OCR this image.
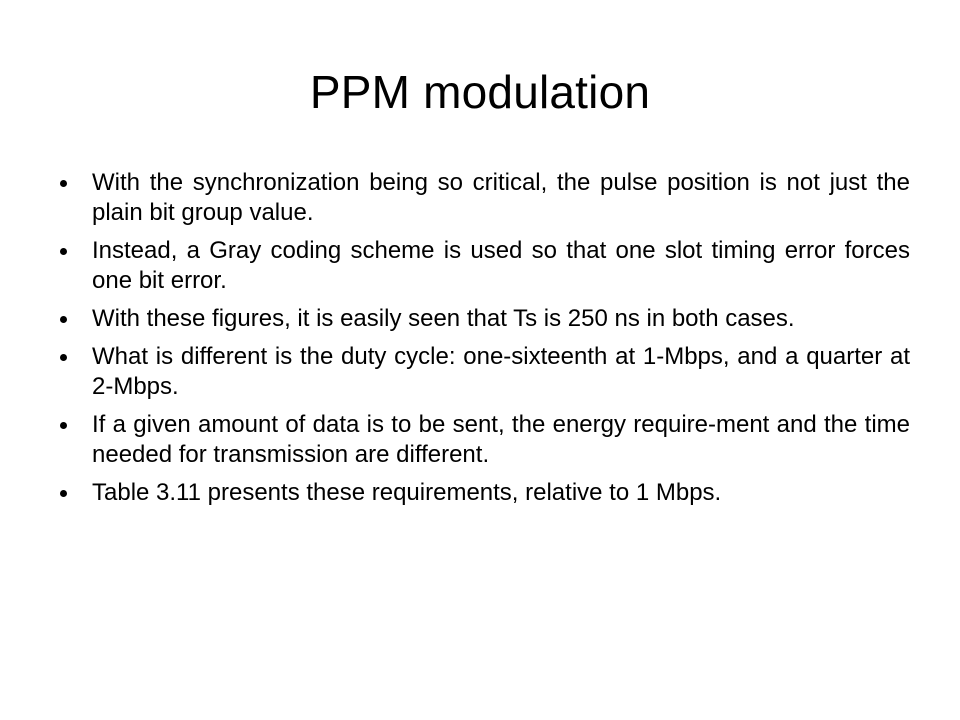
PPM modulation
With the synchronization being so critical, the pulse position is not just the plain bit group value.
Instead, a Gray coding scheme is used so that one slot timing error forces one bit error.
With these figures, it is easily seen that Ts is 250 ns in both cases.
What is different is the duty cycle: one-sixteenth at 1-Mbps, and a quarter at 2-Mbps.
If a given amount of data is to be sent, the energy require-ment and the time needed for transmission are different.
Table 3.11 presents these requirements, relative to 1 Mbps.
